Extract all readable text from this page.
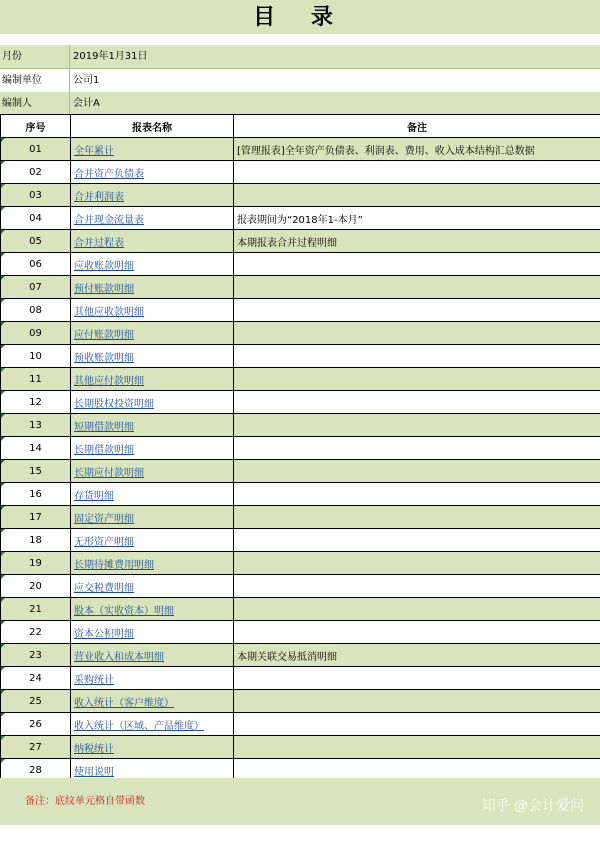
目 录
月份	2019年1月31日
编制单位	公司1
编制人	会计A
序号	报表名称	备注

01	全年累计	[管理报表]全年资产负债表、利润表、费用、收入成本结构汇总数据

02	合并资产负债表	

03	合并利润表	

04	合并现金流量表	报表期间为“2018年1-本月”

05	合并过程表	本期报表合并过程明细

06	应收账款明细	

07	预付账款明细	

08	其他应收款明细	

09	应付账款明细	

10	预收账款明细	

11	其他应付款明细	

12	长期股权投资明细	

13	短期借款明细	

14	长期借款明细	

15	长期应付款明细	

16	存货明细	

17	固定资产明细	

18	无形资产明细	

19	长期待摊费用明细	

20	应交税费明细	

21	股本（实收资本）明细	

22	资本公积明细	

23	营业收入和成本明细	本期关联交易抵消明细

24	采购统计	

25	收入统计（客户维度）	

26	收入统计（区域、产品维度）	

27	纳税统计	

28	使用说明	
备注：底纹单元格自带函数	知乎 @会计爱问
